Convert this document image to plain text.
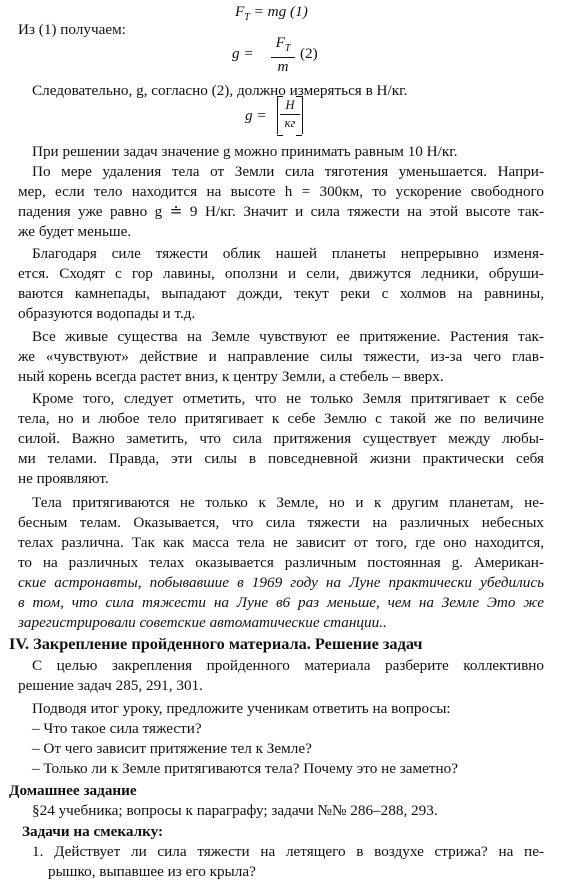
$F_T$ = mg (1)
Из (1) получаем:
$g = \frac{F_T}{m} (2)$
Следовательно, g, согласно (2), должно измеряться в Н/кг.
g =
H
кг
При решении задач значение g можно принимать равным 10 Н/кг.
По мере удаления тела от Земли сила тяготения уменьшается. Напри-
мер, если тело находится на высоте h = 300км, то ускорение свободного
падения уже равно g ≐ 9 Н/кг. Значит и сила тяжести на этой высоте так-
же будет меньше.
Благодаря силе тяжести облик нашей планеты непрерывно изменя-
ется. Сходят с гор лавины, оползни и сели, движутся ледники, обруши-
ваются камнепады, выпадают дожди, текут реки с холмов на равнины,
образуются водопады и т.д.
Все живые существа на Земле чувствуют ее притяжение. Растения так-
же «чувствуют» действие и направление силы тяжести, из-за чего глав-
ный корень всегда растет вниз, к центру Земли, а стебель – вверх.
Кроме того, следует отметить, что не только Земля притягивает к себе
тела, но и любое тело притягивает к себе Землю с такой же по величине
силой. Важно заметить, что сила притяжения существует между любы-
ми телами. Правда, эти силы в повседневной жизни практически себя
не проявляют.
Тела притягиваются не только к Земле, но и к другим планетам, не-
бесным телам. Оказывается, что сила тяжести на различных небесных
телах различна. Так как масса тела не зависит от того, где оно находится,
то на различных телах оказывается различным постоянная g. Американ-
ские астронавты, побывавшие в 1969 году на Луне практически убедились
в том, что сила тяжести на Луне в6 раз меньше, чем на Земле Это же
зарегистрировали советские автоматические станции..
IV. Закрепление пройденного материала. Решение задач
С целью закрепления пройденного материала разберите коллективно
решение задач 285, 291, 301.
Подводя итог уроку, предложите ученикам ответить на вопросы:
– Что такое сила тяжести?
– От чего зависит притяжение тел к Земле?
– Только ли к Земле притягиваются тела? Почему это не заметно?
Домашнее задание
§24 учебника; вопросы к параграфу; задачи №№ 286–288, 293.
Задачи на смекалку:
1. Действует ли сила тяжести на летящего в воздухе стрижа? на пе-
рышко, выпавшее из его крыла?
